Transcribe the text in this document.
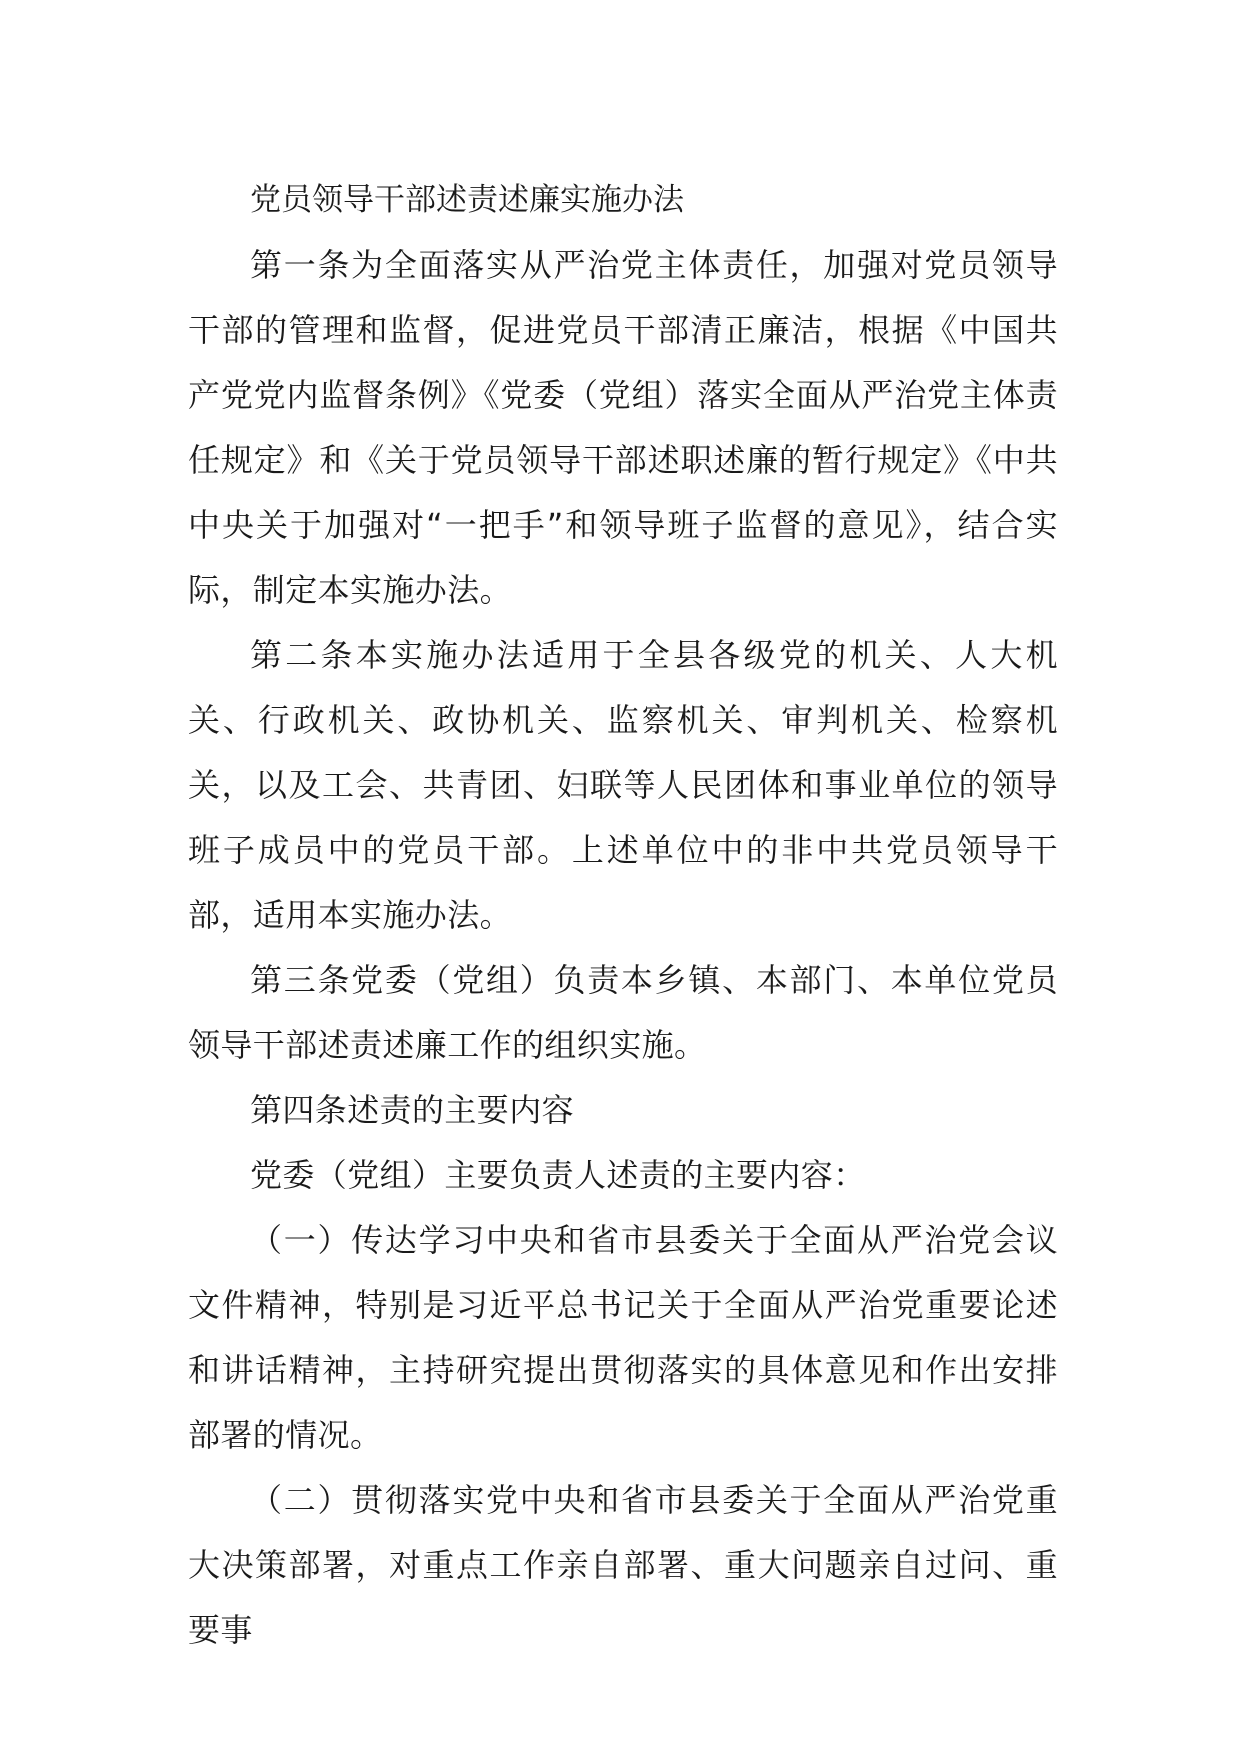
党员领导干部述责述廉实施办法

第一条为全面落实从严治党主体责任，加强对党员领导干部的管理和监督，促进党员干部清正廉洁，根据《中国共产党党内监督条例》《党委（党组）落实全面从严治党主体责任规定》和《关于党员领导干部述职述廉的暂行规定》《中共中央关于加强对“一把手”和领导班子监督的意见》，结合实际，制定本实施办法。

第二条本实施办法适用于全县各级党的机关、人大机关、行政机关、政协机关、监察机关、审判机关、检察机关，以及工会、共青团、妇联等人民团体和事业单位的领导班子成员中的党员干部。上述单位中的非中共党员领导干部，适用本实施办法。

第三条党委（党组）负责本乡镇、本部门、本单位党员领导干部述责述廉工作的组织实施。

第四条述责的主要内容

党委（党组）主要负责人述责的主要内容：

（一）传达学习中央和省市县委关于全面从严治党会议文件精神，特别是习近平总书记关于全面从严治党重要论述和讲话精神，主持研究提出贯彻落实的具体意见和作出安排部署的情况。

（二）贯彻落实党中央和省市县委关于全面从严治党重大决策部署，对重点工作亲自部署、重大问题亲自过问、重要事
